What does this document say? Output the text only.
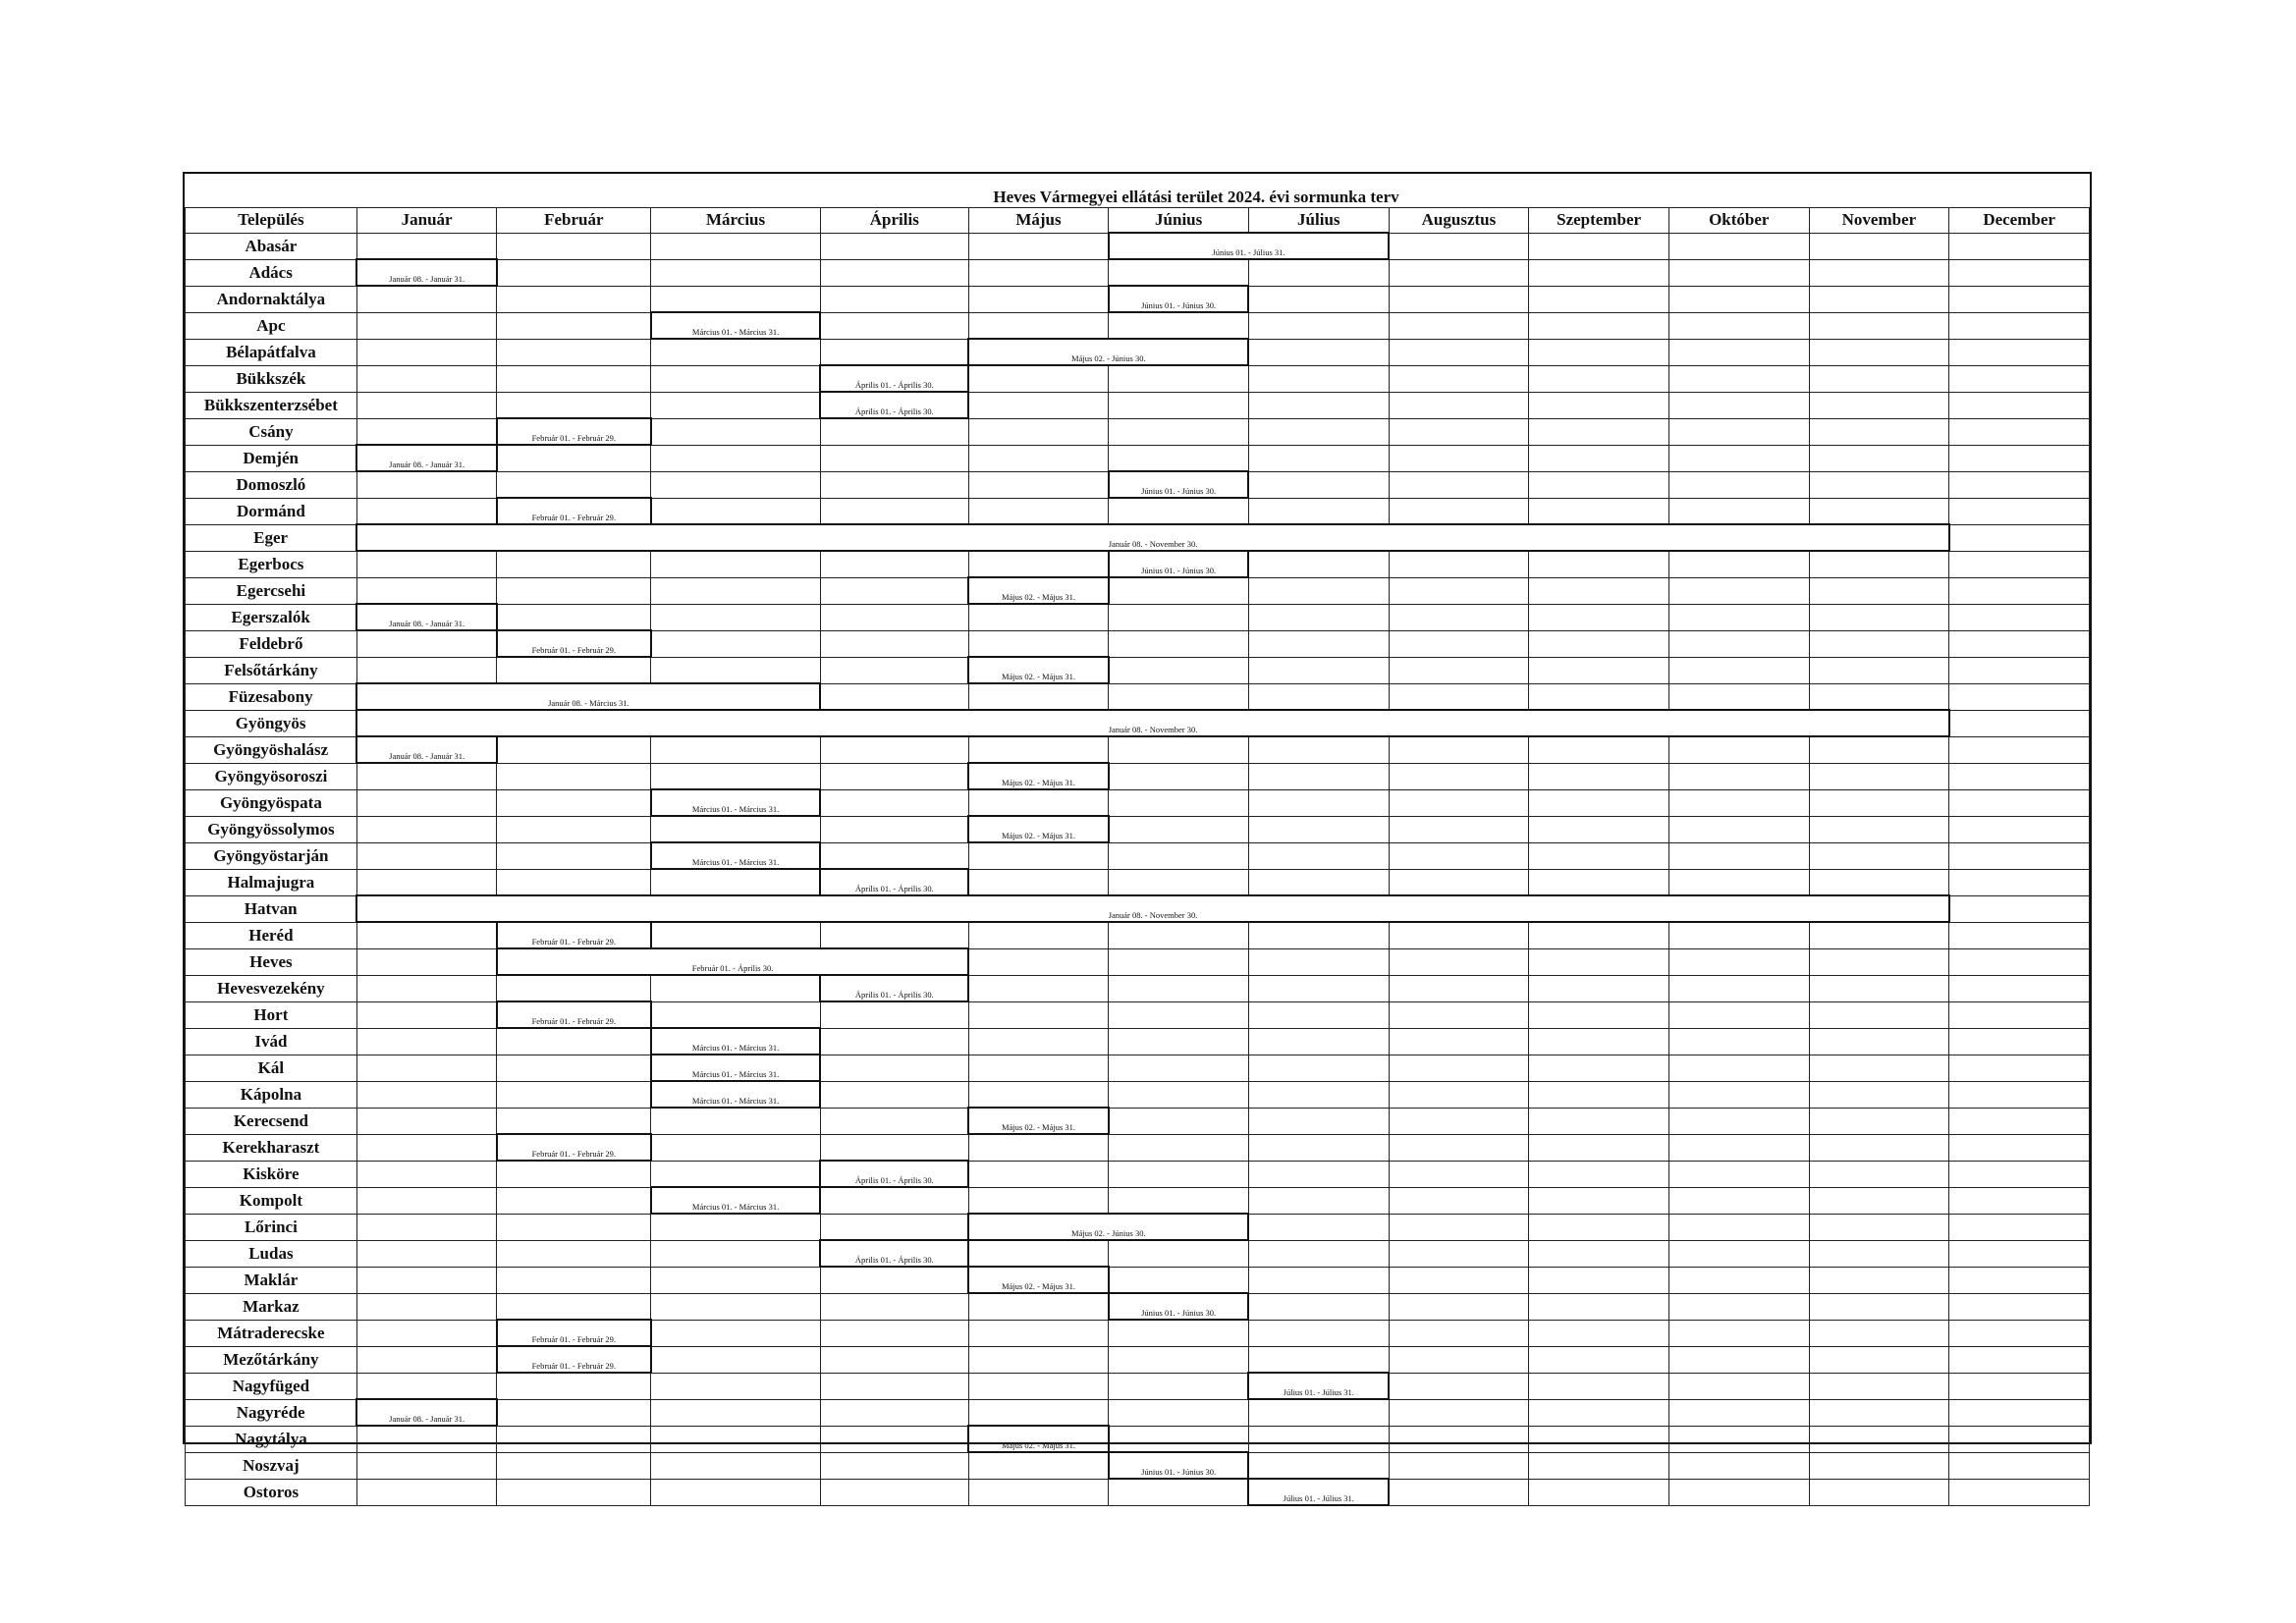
Heves Vármegyei ellátási terület 2024. évi sormunka terv
Település	Január	Február	Március	Április	Május	Június	Július	Augusztus	Szeptember	Október	November	December
Abasár						Június 01. - Július 31.						
Adács	Január 08. - Január 31.											
Andornaktálya						Június 01. - Június 30.						
Apc			Március 01. - Március 31.									
Bélapátfalva					Május 02. - Június 30.							
Bükkszék				Április 01. - Április 30.								
Bükkszenterzsébet				Április 01. - Április 30.								
Csány		Február 01. - Február 29.										
Demjén	Január 08. - Január 31.											
Domoszló						Június 01. - Június 30.						
Dormánd		Február 01. - Február 29.										
Eger	Január 08. - November 30.											
Egerbocs						Június 01. - Június 30.						
Egercsehi					Május 02. - Május 31.							
Egerszalók	Január 08. - Január 31.											
Feldebrő		Február 01. - Február 29.										
Felsőtárkány					Május 02. - Május 31.							
Füzesabony	Január 08. - Március 31.											
Gyöngyös	Január 08. - November 30.											
Gyöngyöshalász	Január 08. - Január 31.											
Gyöngyösoroszi					Május 02. - Május 31.							
Gyöngyöspata			Március 01. - Március 31.									
Gyöngyössolymos					Május 02. - Május 31.							
Gyöngyöstarján			Március 01. - Március 31.									
Halmajugra				Április 01. - Április 30.								
Hatvan	Január 08. - November 30.											
Heréd		Február 01. - Február 29.										
Heves		Február 01. - Április 30.										
Hevesvezekény				Április 01. - Április 30.								
Hort		Február 01. - Február 29.										
Ivád			Március 01. - Március 31.									
Kál			Március 01. - Március 31.									
Kápolna			Március 01. - Március 31.									
Kerecsend					Május 02. - Május 31.							
Kerekharaszt		Február 01. - Február 29.										
Kisköre				Április 01. - Április 30.								
Kompolt			Március 01. - Március 31.									
Lőrinci					Május 02. - Június 30.							
Ludas				Április 01. - Április 30.								
Maklár					Május 02. - Május 31.							
Markaz						Június 01. - Június 30.						
Mátraderecske		Február 01. - Február 29.										
Mezőtárkány		Február 01. - Február 29.										
Nagyfüged							Július 01. - Július 31.					
Nagyréde	Január 08. - Január 31.											
Nagytálya					Május 02. - Május 31.							
Noszvaj						Június 01. - Június 30.						
Ostoros							Július 01. - Július 31.					
